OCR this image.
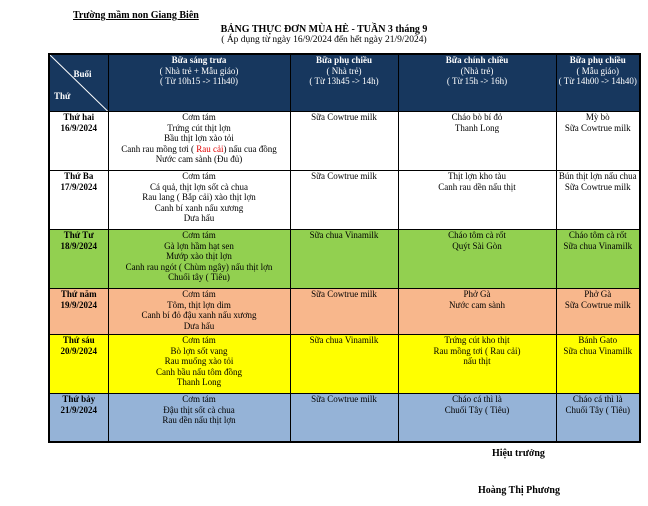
Trường mầm non Giang Biên
BẢNG THỰC ĐƠN MÙA HÈ - TUẦN 3 tháng 9
( Áp dụng từ ngày 16/9/2024 đến hết ngày 21/9/2024)
Buổi
Thứ	Bữa sáng trưa
( Nhà trẻ + Mẫu giáo)
( Từ 10h15 -> 11h40)	Bữa phụ chiều
( Nhà trẻ)
( Từ 13h45 -> 14h)	Bữa chính chiều
(Nhà trẻ)
( Từ 15h -> 16h)	Bữa phụ chiều
( Mẫu giáo)
( Từ 14h00 -> 14h40)

Thứ hai
16/9/2024	Cơm tám
Trứng cút thịt lợn
Bầu thịt lợn xào tỏi
Canh rau mồng tơi ( Rau cải) nấu cua đồng
Nước cam sành (Đu đủ)	Sữa Cowtrue milk	Cháo bò bí đỏ
Thanh Long	Mỳ bò
Sữa Cowtrue milk

Thứ Ba
17/9/2024	Cơm tám
Cá quả, thịt lợn sốt cà chua
Rau lang ( Bắp cải) xào thịt lợn
Canh bí xanh nấu xương
Dưa hấu	Sữa Cowtrue milk	Thịt lợn kho tàu
Canh rau dền nấu thịt	Bún thịt lợn nấu chua
Sữa Cowtrue milk

Thứ Tư
18/9/2024	Cơm tám
Gà lợn hầm hạt sen
Mướp xào thịt lợn
Canh rau ngót ( Chùm ngây) nấu thịt lợn
Chuối tây ( Tiêu)	Sữa chua Vinamilk	Cháo tôm cà rốt
Quýt Sài Gòn	Cháo tôm cà rốt
Sữa chua Vinamilk

Thứ năm
19/9/2024	Cơm tám
Tôm, thịt lợn dim
Canh bí đỏ đậu xanh nấu xương
Dưa hấu	Sữa Cowtrue milk	Phở Gà
Nước cam sành	Phở Gà
Sữa Cowtrue milk

Thứ sáu
20/9/2024	Cơm tám
Bò lợn sốt vang
Rau muống xào tỏi
Canh bầu nấu tôm đồng
Thanh Long	Sữa chua Vinamilk	Trứng cút kho thịt
Rau mồng tơi ( Rau cải)
nấu thịt	Bánh Gato
Sữa chua Vinamilk

Thứ bảy
21/9/2024	Cơm tám
Đậu thịt sốt cà chua
Rau dền nấu thịt lợn	Sữa Cowtrue milk	Cháo cá thì là
Chuối Tây ( Tiêu)	Cháo cá thì là
Chuối Tây ( Tiêu)
Hiệu trưởng
Hoàng Thị Phương
